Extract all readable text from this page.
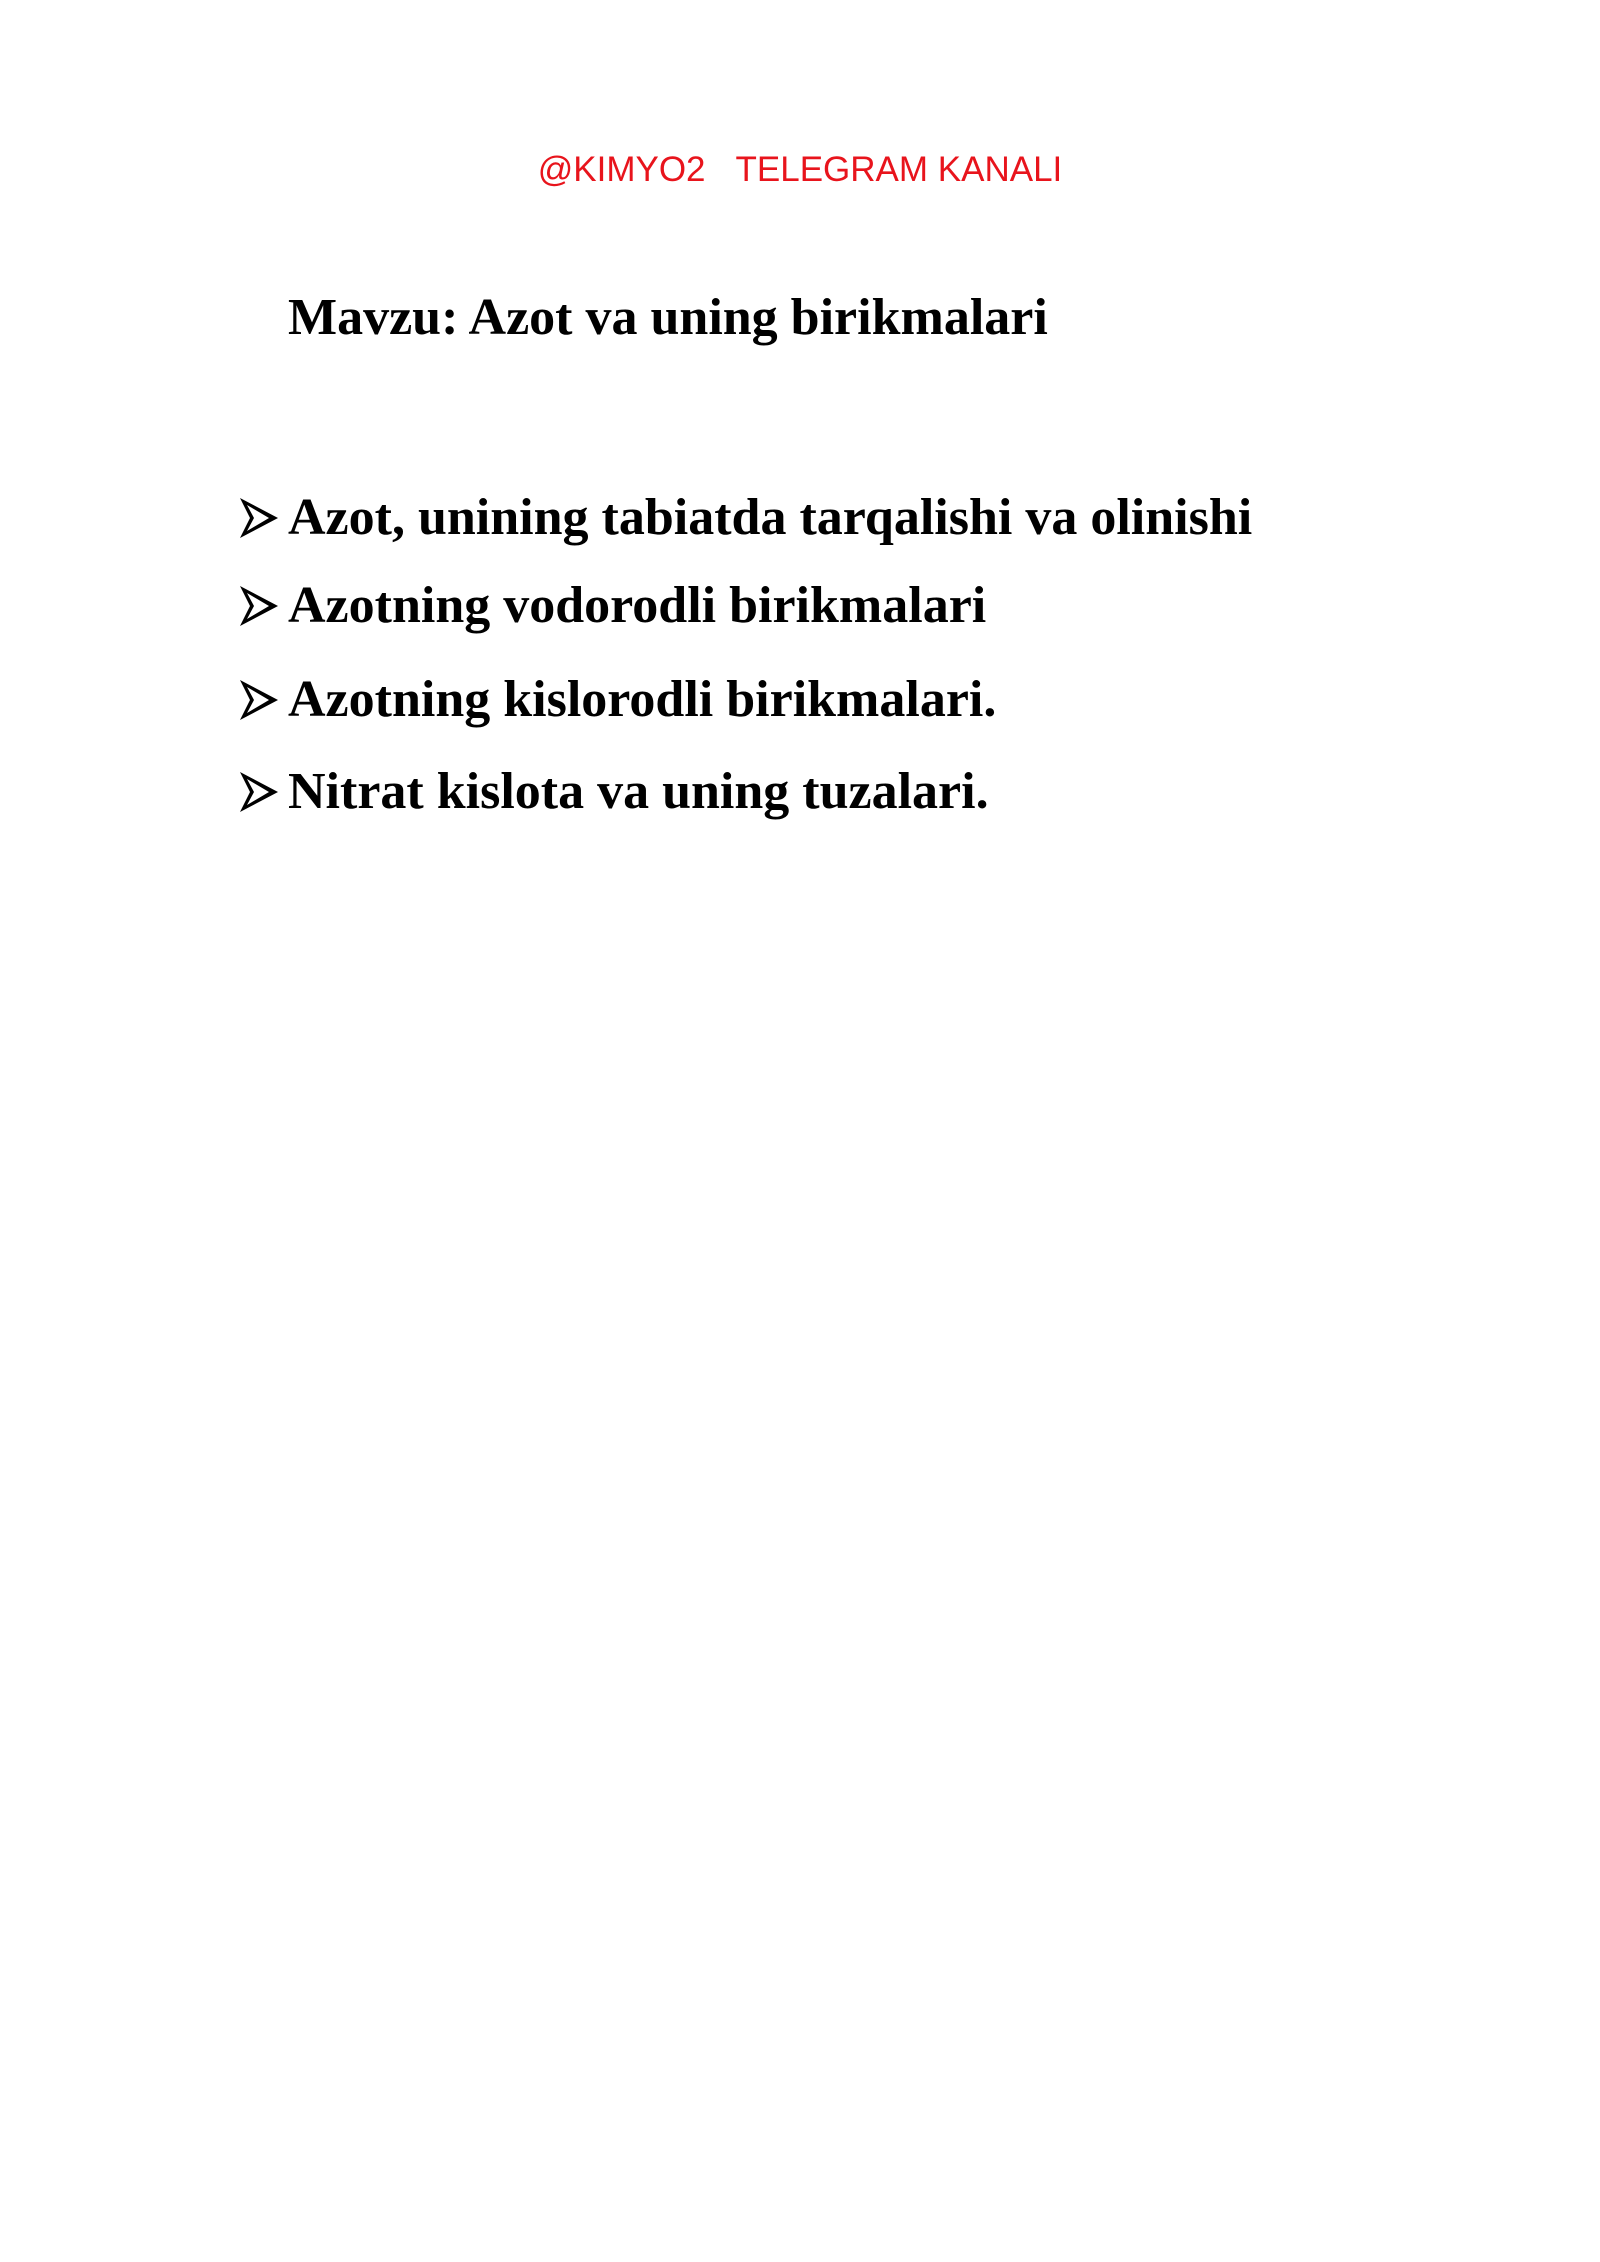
@KIMYO2 TELEGRAM KANALI
Mavzu: Azot va uning birikmalari
Azot, unining tabiatda tarqalishi va olinishi
Azotning vodorodli birikmalari
Azotning kislorodli birikmalari.
Nitrat kislota va uning tuzalari.
